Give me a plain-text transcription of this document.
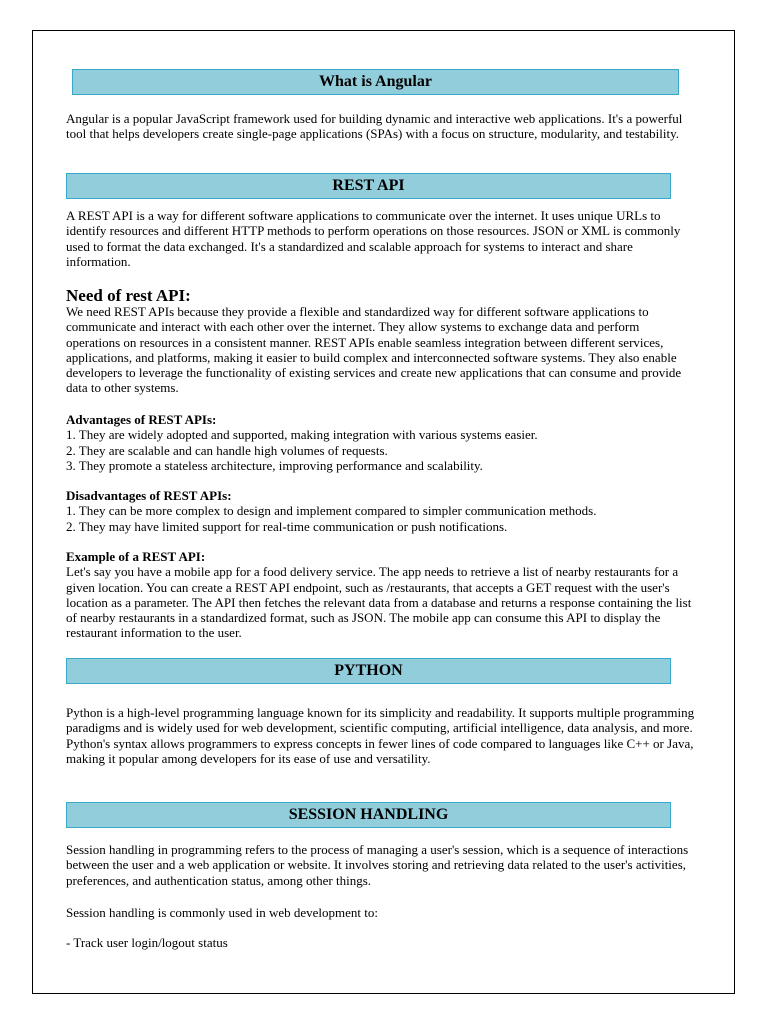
What is Angular
Angular is a popular JavaScript framework used for building dynamic and interactive web applications. It's a powerful tool that helps developers create single-page applications (SPAs) with a focus on structure, modularity, and testability.
REST API
A REST API is a way for different software applications to communicate over the internet. It uses unique URLs to identify resources and different HTTP methods to perform operations on those resources. JSON or XML is commonly used to format the data exchanged. It's a standardized and scalable approach for systems to interact and share information.
Need of rest API:
We need REST APIs because they provide a flexible and standardized way for different software applications to communicate and interact with each other over the internet. They allow systems to exchange data and perform operations on resources in a consistent manner. REST APIs enable seamless integration between different services, applications, and platforms, making it easier to build complex and interconnected software systems. They also enable developers to leverage the functionality of existing services and create new applications that can consume and provide data to other systems.
Advantages of REST APIs:
1. They are widely adopted and supported, making integration with various systems easier.
2. They are scalable and can handle high volumes of requests.
3. They promote a stateless architecture, improving performance and scalability.
Disadvantages of REST APIs:
1. They can be more complex to design and implement compared to simpler communication methods.
2. They may have limited support for real-time communication or push notifications.
Example of a REST API:
Let's say you have a mobile app for a food delivery service. The app needs to retrieve a list of nearby restaurants for a given location. You can create a REST API endpoint, such as /restaurants, that accepts a GET request with the user's location as a parameter. The API then fetches the relevant data from a database and returns a response containing the list of nearby restaurants in a standardized format, such as JSON. The mobile app can consume this API to display the restaurant information to the user.
PYTHON
Python is a high-level programming language known for its simplicity and readability. It supports multiple programming paradigms and is widely used for web development, scientific computing, artificial intelligence, data analysis, and more. Python's syntax allows programmers to express concepts in fewer lines of code compared to languages like C++ or Java, making it popular among developers for its ease of use and versatility.
SESSION HANDLING
Session handling in programming refers to the process of managing a user's session, which is a sequence of interactions between the user and a web application or website. It involves storing and retrieving data related to the user's activities, preferences, and authentication status, among other things.
Session handling is commonly used in web development to:
- Track user login/logout status
